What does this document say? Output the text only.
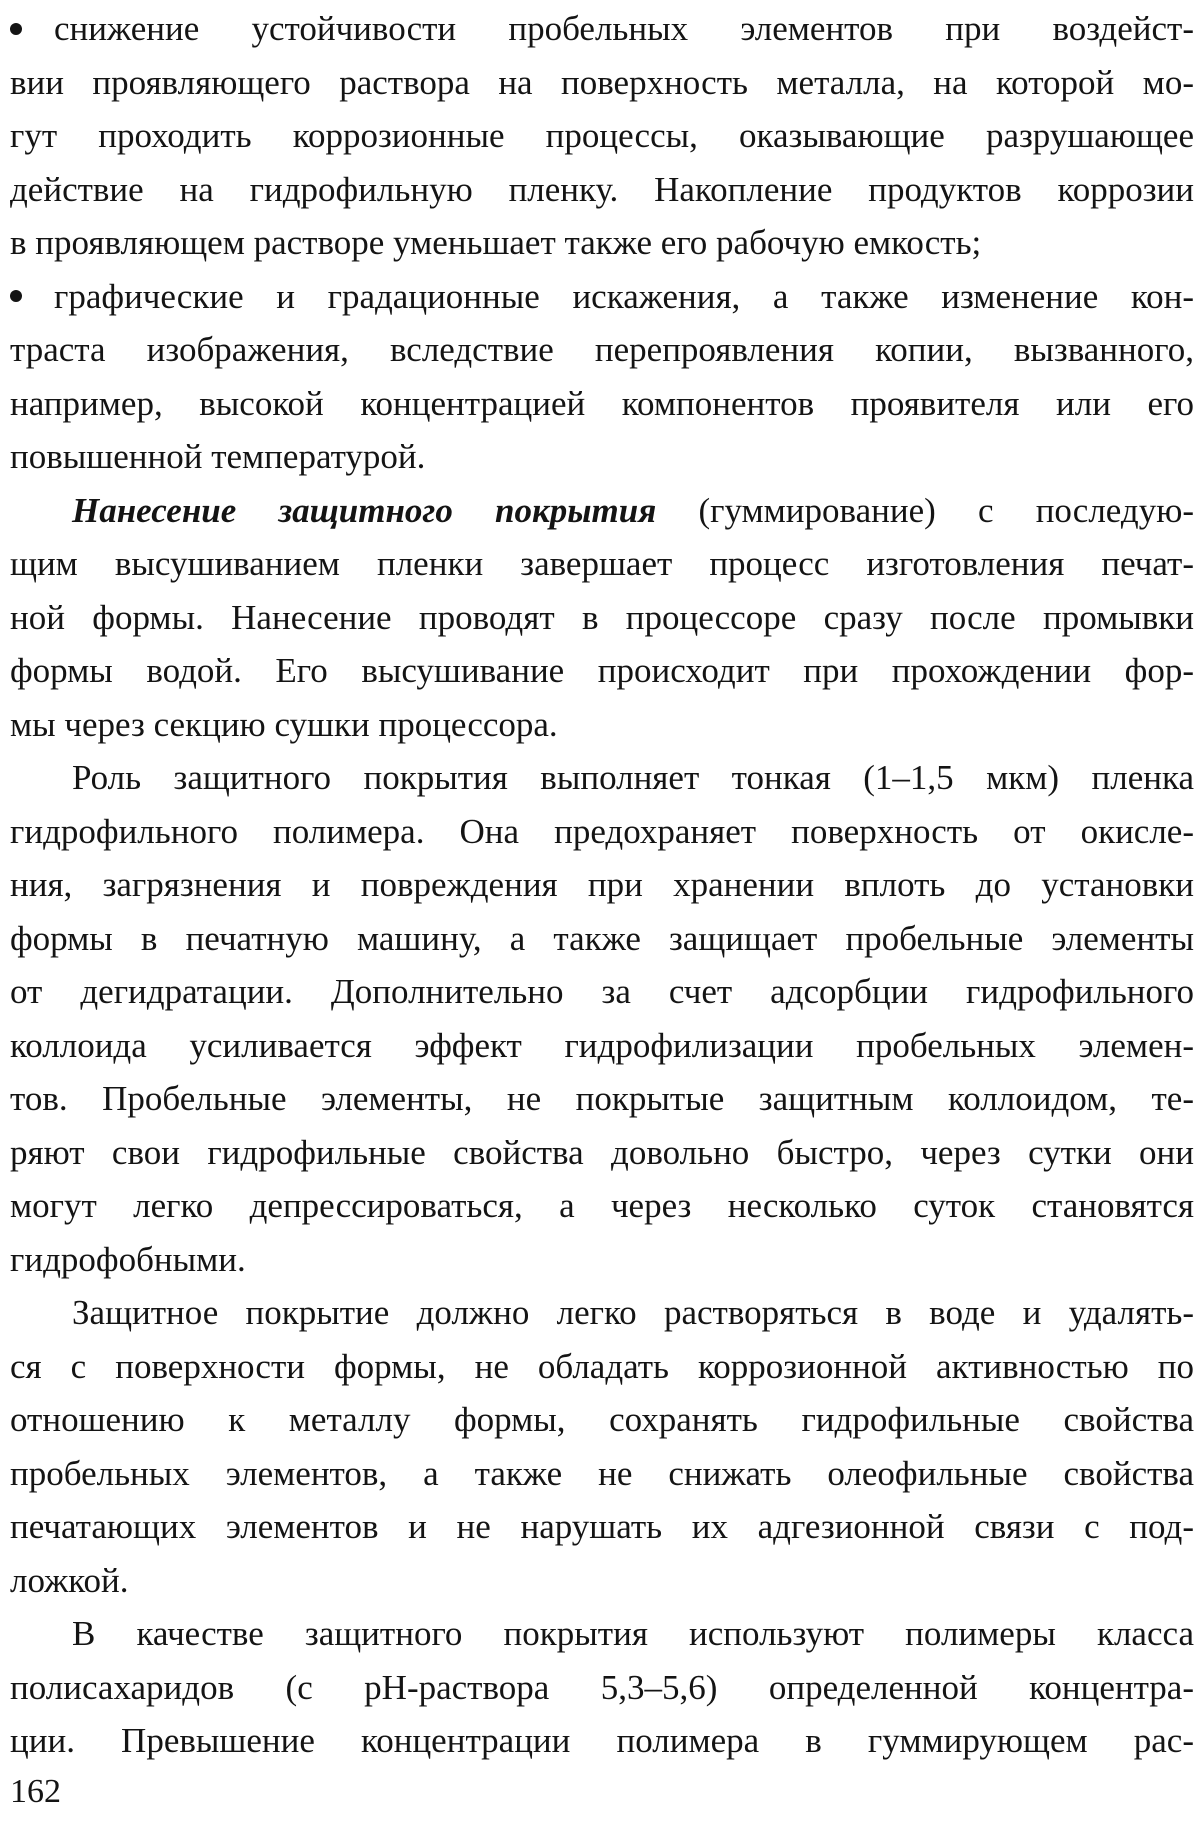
снижение устойчивости пробельных элементов при воздейст-
вии проявляющего раствора на поверхность металла, на которой мо-
гут проходить коррозионные процессы, оказывающие разрушающее
действие на гидрофильную пленку. Накопление продуктов коррозии
в проявляющем растворе уменьшает также его рабочую емкость;
графические и градационные искажения, а также изменение кон-
траста изображения, вследствие перепроявления копии, вызванного,
например, высокой концентрацией компонентов проявителя или его
повышенной температурой.
Нанесение защитного покрытия (гуммирование) с последую-
щим высушиванием пленки завершает процесс изготовления печат-
ной формы. Нанесение проводят в процессоре сразу после промывки
формы водой. Его высушивание происходит при прохождении фор-
мы через секцию сушки процессора.
Роль защитного покрытия выполняет тонкая (1–1,5 мкм) пленка
гидрофильного полимера. Она предохраняет поверхность от окисле-
ния, загрязнения и повреждения при хранении вплоть до установки
формы в печатную машину, а также защищает пробельные элементы
от дегидратации. Дополнительно за счет адсорбции гидрофильного
коллоида усиливается эффект гидрофилизации пробельных элемен-
тов. Пробельные элементы, не покрытые защитным коллоидом, те-
ряют свои гидрофильные свойства довольно быстро, через сутки они
могут легко депрессироваться, а через несколько суток становятся
гидрофобными.
Защитное покрытие должно легко растворяться в воде и удалять-
ся с поверхности формы, не обладать коррозионной активностью по
отношению к металлу формы, сохранять гидрофильные свойства
пробельных элементов, а также не снижать олеофильные свойства
печатающих элементов и не нарушать их адгезионной связи с под-
ложкой.
В качестве защитного покрытия используют полимеры класса
полисахаридов (с рН-раствора 5,3–5,6) определенной концентра-
ции. Превышение концентрации полимера в гуммирующем рас-
162
